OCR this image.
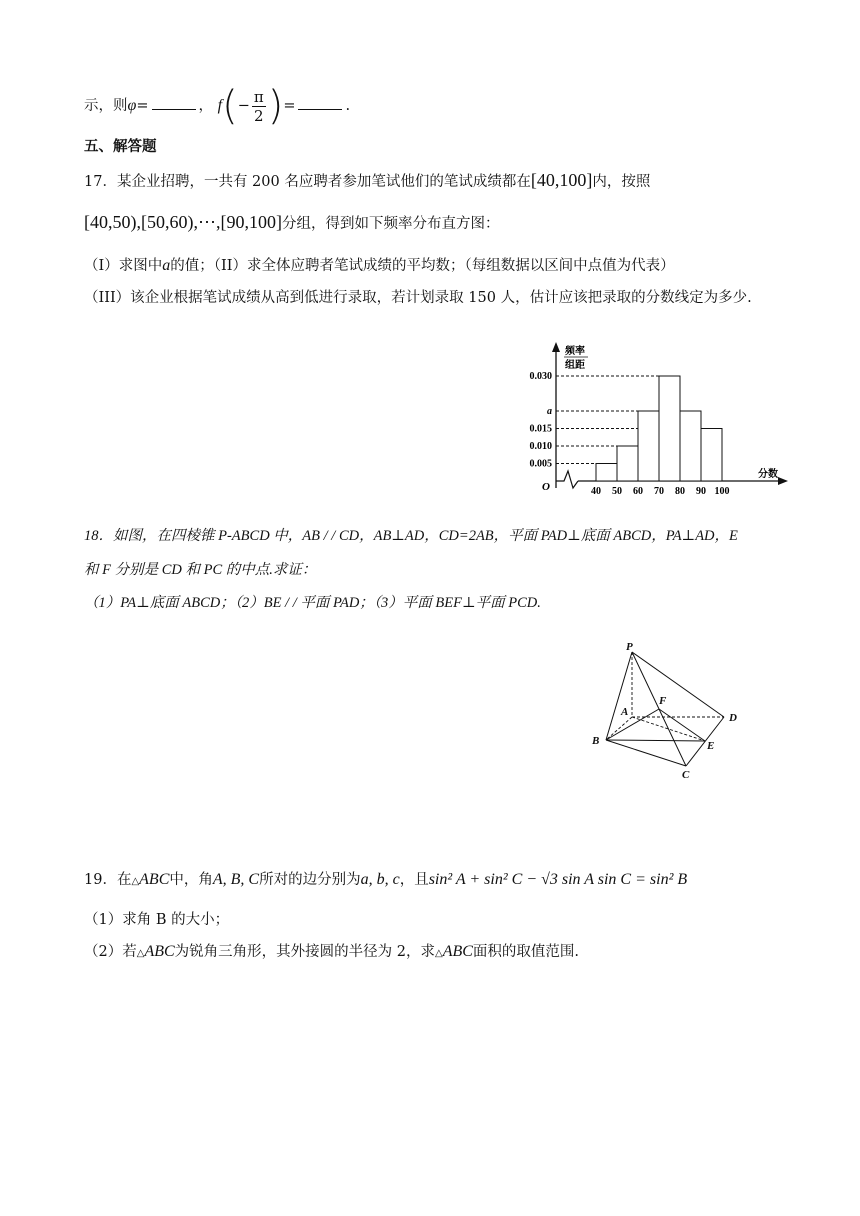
示，则φ=	， $f(- \frac{\pi}{2}$ )=	.
五、解答题
17．某企业招聘，一共有 200 名应聘者参加笔试他们的笔试成绩都在[40,100]内，按照
[40,50),[50,60),⋯,[90,100]分组，得到如下频率分布直方图：
（I）求图中a的值；（II）求全体应聘者笔试成绩的平均数；（每组数据以区间中点值为代表）
（III）该企业根据笔试成绩从高到低进行录取，若计划录取 150 人，估计应该把录取的分数线定为多少.
O
频率
组距
分数
0.005
0.010
0.015
a
0.030
40 50 60 70 80 90 100
18．如图，在四棱锥 P-ABCD 中，AB / / CD，AB⊥AD，CD=2AB，平面 PAD⊥底面 ABCD，PA⊥AD，E
和 F 分别是 CD 和 PC 的中点.求证：
（1）PA⊥底面 ABCD；（2）BE / / 平面 PAD；（3）平面 BEF⊥平面 PCD.
P
A
F
D
B	E
C
19．在△ABC中，角A, B, C所对的边分别为a, b, c，且sin² A + sin² C − √3 sin A sin C = sin² B
（1）求角 B 的大小；
（2）若△ABC为锐角三角形，其外接圆的半径为 2，求△ABC面积的取值范围.
